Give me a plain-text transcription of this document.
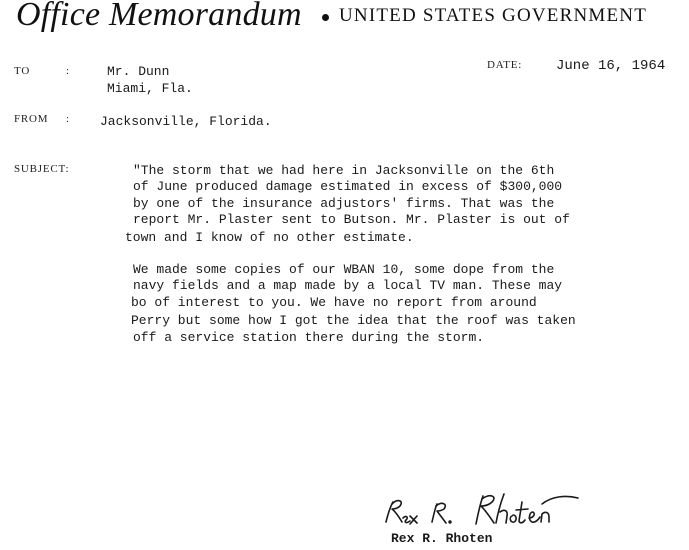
Office Memorandum UNITED STATES GOVERNMENT
TO	:	Mr. Dunn
Miami, Fla.
DATE: June 16, 1964
FROM : Jacksonville, Florida.
SUBJECT:	"The storm that we had here in Jacksonville on the 6th
of June produced damage estimated in excess of $300,000
by one of the insurance adjustors' firms. That was the
report Mr. Plaster sent to Butson. Mr. Plaster is out of
town and I know of no other estimate.
We made some copies of our WBAN 10, some dope from the
navy fields and a map made by a local TV man. These may
bo of interest to you. We have no report from around
Perry but some how I got the idea that the roof was taken
off a service station there during the storm.
Rex R. Rhoten
